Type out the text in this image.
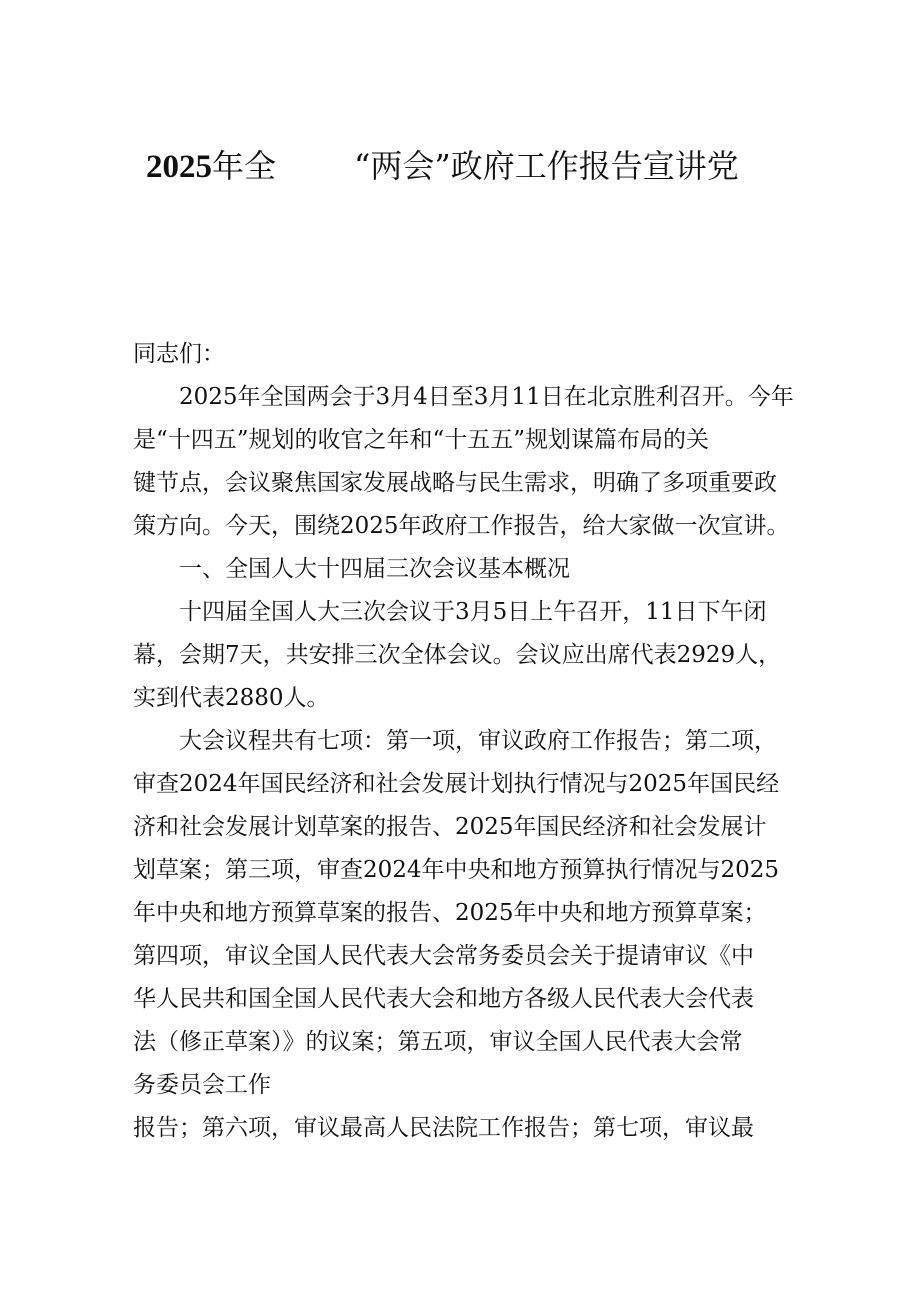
2025年全 “两会”政府工作报告宣讲党

同志们：

2025年全国两会于3月4日至3月11日在北京胜利召开。今年

是“十四五”规划的收官之年和“十五五”规划谋篇布局的关

键节点，会议聚焦国家发展战略与民生需求，明确了多项重要政

策方向。今天，围绕2025年政府工作报告，给大家做一次宣讲。

一、全国人大十四届三次会议基本概况

十四届全国人大三次会议于3月5日上午召开，11日下午闭

幕，会期7天，共安排三次全体会议。会议应出席代表2929人，

实到代表2880人。

大会议程共有七项：第一项，审议政府工作报告；第二项，

审查2024年国民经济和社会发展计划执行情况与2025年国民经

济和社会发展计划草案的报告、2025年国民经济和社会发展计

划草案；第三项，审查2024年中央和地方预算执行情况与2025

年中央和地方预算草案的报告、2025年中央和地方预算草案；

第四项，审议全国人民代表大会常务委员会关于提请审议《中

华人民共和国全国人民代表大会和地方各级人民代表大会代表

法（修正草案）》的议案；第五项，审议全国人民代表大会常

务委员会工作

报告；第六项，审议最高人民法院工作报告；第七项，审议最
